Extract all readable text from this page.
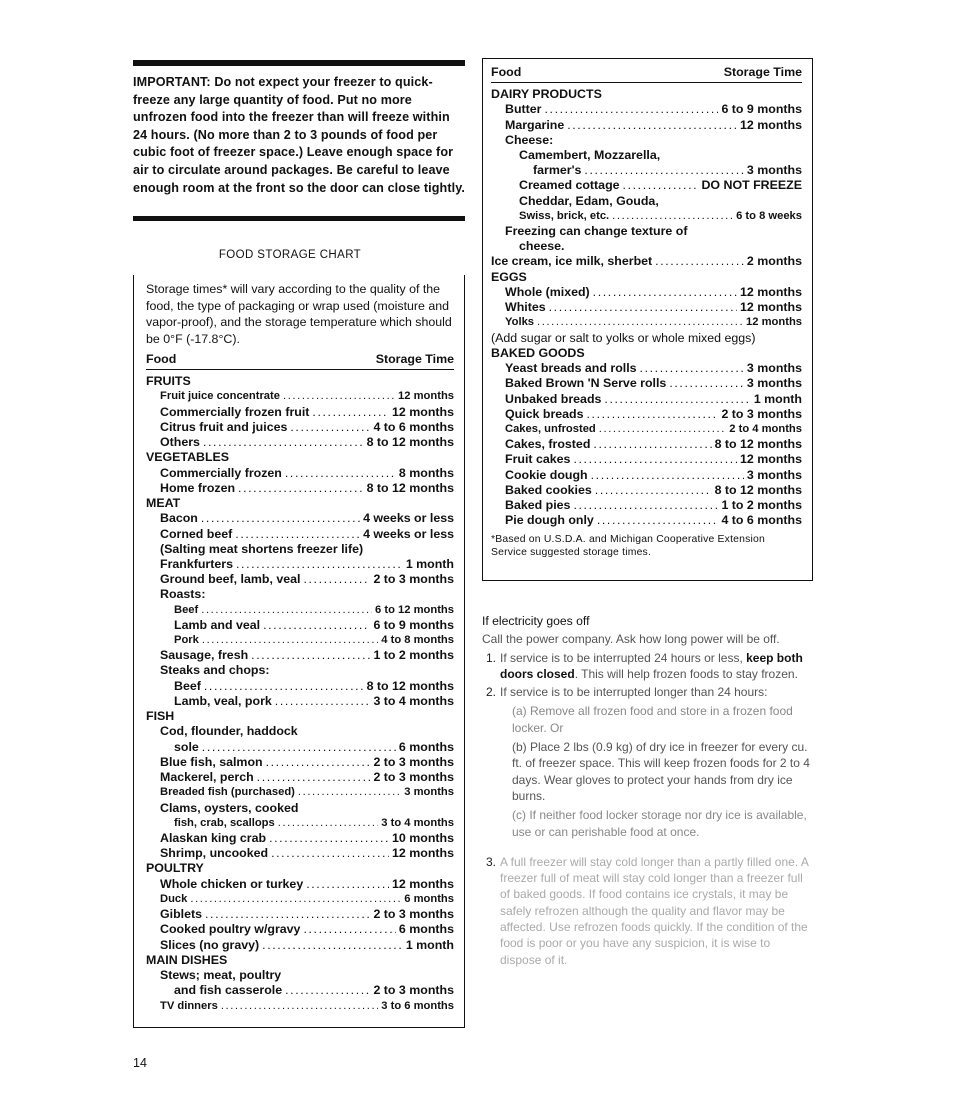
IMPORTANT: Do not expect your freezer to quick-freeze any large quantity of food. Put no more unfrozen food into the freezer than will freeze within 24 hours. (No more than 2 to 3 pounds of food per cubic foot of freezer space.) Leave enough space for air to circulate around packages. Be careful to leave enough room at the front so the door can close tightly.
FOOD STORAGE CHART
Storage times* will vary according to the quality of the food, the type of packaging or wrap used (moisture and vapor-proof), and the storage temperature which should be 0°F (-17.8°C).
Food	Storage Time
FRUITS
Fruit juice concentrate .....	12 months
Commercially frozen fruit .....	12 months
Citrus fruit and juices .....	4 to 6 months
Others .....	8 to 12 months
VEGETABLES
Commercially frozen .....	8 months
Home frozen .....	8 to 12 months
MEAT
Bacon .....	4 weeks or less
Corned beef .....	4 weeks or less
(Salting meat shortens freezer life)
Frankfurters .....	1 month
Ground beef, lamb, veal .....	2 to 3 months
Roasts:
Beef .....	6 to 12 months
Lamb and veal .....	6 to 9 months
Pork .....	4 to 8 months
Sausage, fresh .....	1 to 2 months
Steaks and chops:
Beef .....	8 to 12 months
Lamb, veal, pork .....	3 to 4 months
FISH
Cod, flounder, haddock
sole .....	6 months
Blue fish, salmon .....	2 to 3 months
Mackerel, perch .....	2 to 3 months
Breaded fish (purchased) .....	3 months
Clams, oysters, cooked
fish, crab, scallops .....	3 to 4 months
Alaskan king crab .....	10 months
Shrimp, uncooked .....	12 months
POULTRY
Whole chicken or turkey .....	12 months
Duck .....	6 months
Giblets .....	2 to 3 months
Cooked poultry w/gravy .....	6 months
Slices (no gravy) .....	1 month
MAIN DISHES
Stews; meat, poultry
and fish casserole .....	2 to 3 months
TV dinners .....	3 to 6 months
Food	Storage Time
DAIRY PRODUCTS
Butter .....	6 to 9 months
Margarine .....	12 months
Cheese:
Camembert, Mozzarella,
farmer's .....	3 months
Creamed cottage .....	DO NOT FREEZE
Cheddar, Edam, Gouda,
Swiss, brick, etc. .....	6 to 8 weeks
Freezing can change texture of
cheese.
Ice cream, ice milk, sherbet .....	2 months
EGGS
Whole (mixed) .....	12 months
Whites .....	12 months
Yolks .....	12 months
(Add sugar or salt to yolks or whole mixed eggs)
BAKED GOODS
Yeast breads and rolls .....	3 months
Baked Brown 'N Serve rolls .....	3 months
Unbaked breads .....	1 month
Quick breads .....	2 to 3 months
Cakes, unfrosted .....	2 to 4 months
Cakes, frosted .....	8 to 12 months
Fruit cakes .....	12 months
Cookie dough .....	3 months
Baked cookies .....	8 to 12 months
Baked pies .....	1 to 2 months
Pie dough only .....	4 to 6 months
*Based on U.S.D.A. and Michigan Cooperative Extension Service suggested storage times.
If electricity goes off

Call the power company. Ask how long power will be off.

1. If service is to be interrupted 24 hours or less, keep both doors closed. This will help frozen foods to stay frozen.
2. If service is to be interrupted longer than 24 hours:

(a) Remove all frozen food and store in a frozen food locker. Or

(b) Place 2 lbs (0.9 kg) of dry ice in freezer for every cu. ft. of freezer space. This will keep frozen foods for 2 to 4 days. Wear gloves to protect your hands from dry ice burns.

(c) If neither food locker storage nor dry ice is available, use or can perishable food at once.

3. A full freezer will stay cold longer than a partly filled one. A freezer full of meat will stay cold longer than a freezer full of baked goods. If food contains ice crystals, it may be safely refrozen although the quality and flavor may be affected. Use refrozen foods quickly. If the condition of the food is poor or you have any suspicion, it is wise to dispose of it.
14
